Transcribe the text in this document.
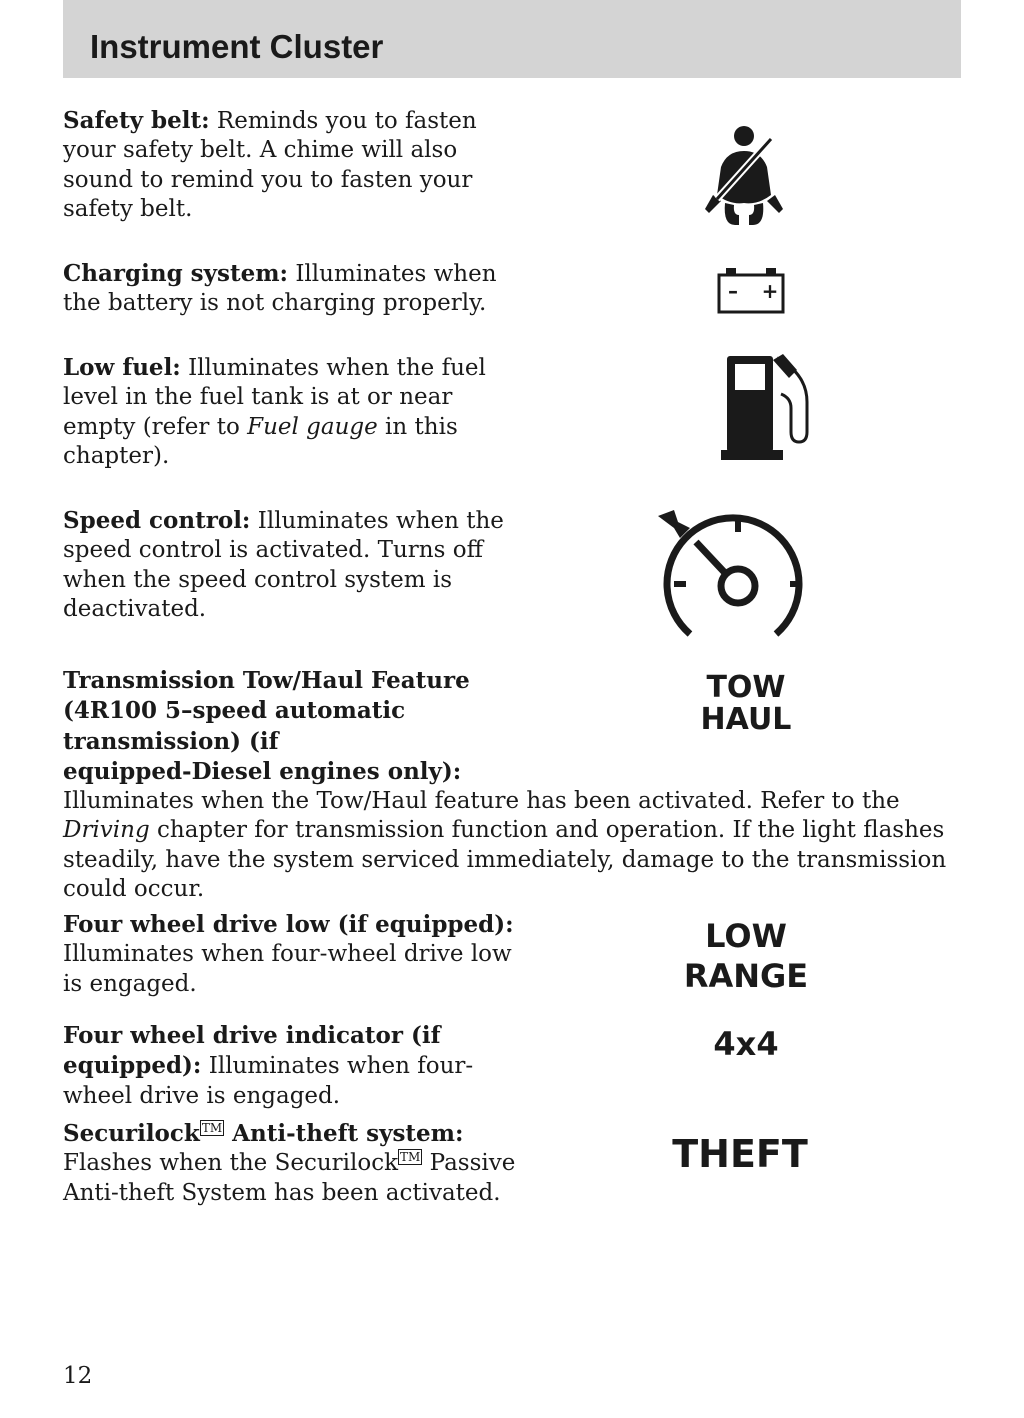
Instrument Cluster

Safety belt: Reminds you to fasten your safety belt. A chime will also sound to remind you to fasten your safety belt.

Charging system: Illuminates when the battery is not charging properly.	– +

Low fuel: Illuminates when the fuel level in the fuel tank is at or near empty (refer to Fuel gauge in this chapter).

Speed control: Illuminates when the speed control is activated. Turns off when the speed control system is deactivated.

Transmission Tow/Haul Feature
(4R100 5–speed automatic
transmission) (if
equipped-Diesel engines only):
Illuminates when the Tow/Haul feature has been activated. Refer to the Driving chapter for transmission function and operation. If the light flashes steadily, have the system serviced immediately, damage to the transmission could occur.

TOW
HAUL

Four wheel drive low (if equipped): Illuminates when four-wheel drive low is engaged.

LOW
RANGE

Four wheel drive indicator (if equipped): Illuminates when four-wheel drive is engaged.

4x4

Securilock ™ Anti-theft system:
Flashes when the Securilock ™ Passive Anti-theft System has been activated.

THEFT
12
